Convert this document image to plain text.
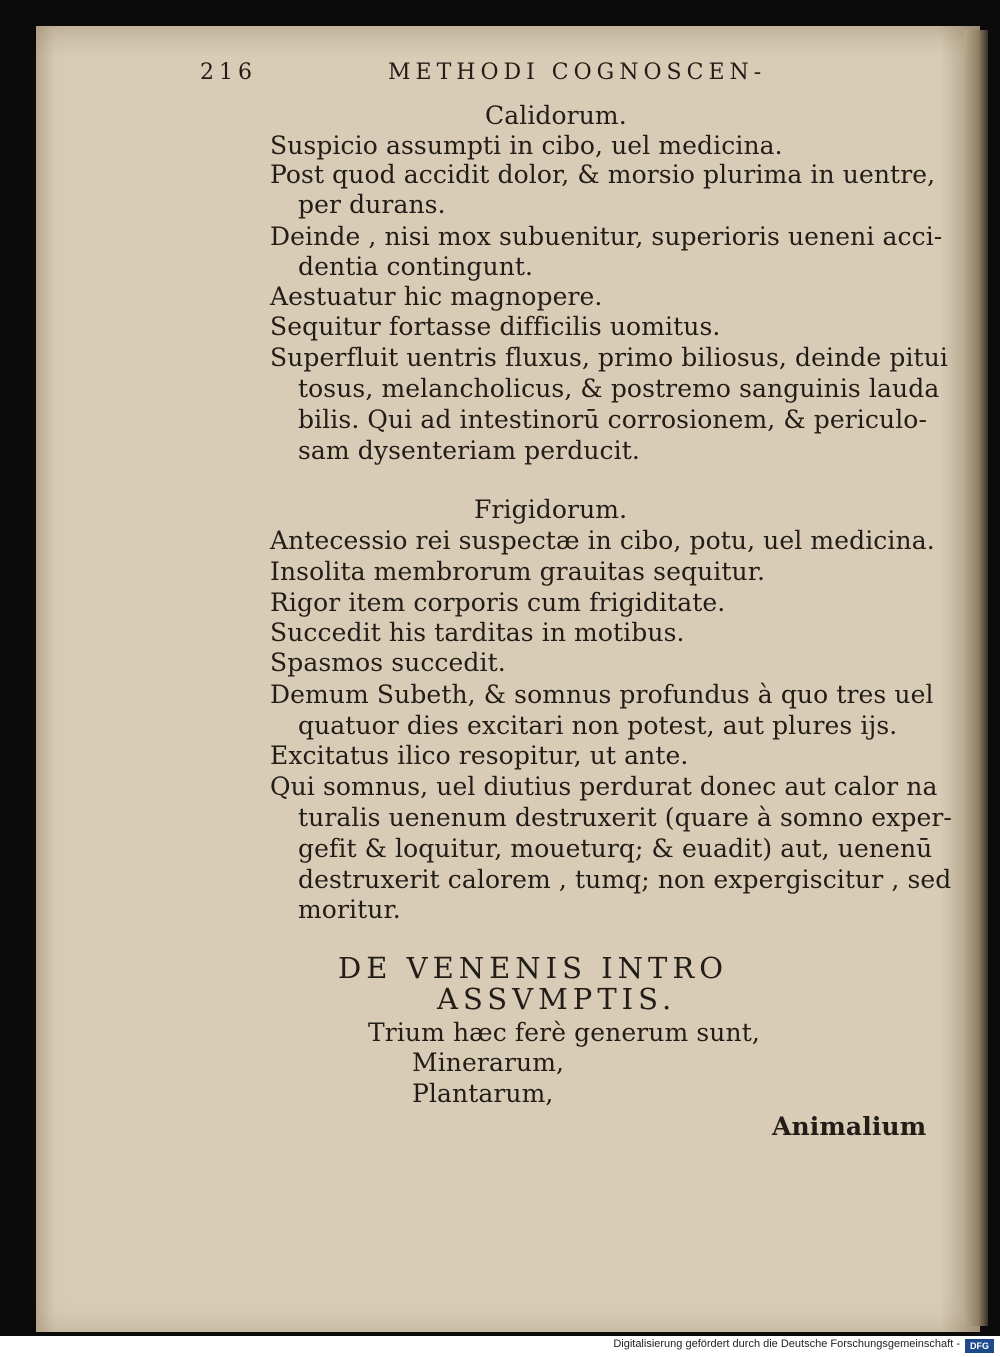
216	METHODI COGNOSCEN-
Calidorum.
Suspicio assumpti in cibo, uel medicina.
Post quod accidit dolor, & morsio plurima in uentre,
per durans.
Deinde , nisi mox subuenitur, superioris ueneni acci-
dentia contingunt.
Aestuatur hic magnopere.
Sequitur fortasse difficilis uomitus.
Superfluit uentris fluxus, primo biliosus, deinde pitui
tosus, melancholicus, & postremo sanguinis lauda
bilis. Qui ad intestinorū corrosionem, & periculo-
sam dysenteriam perducit.
Frigidorum.
Antecessio rei suspectæ in cibo, potu, uel medicina.
Insolita membrorum grauitas sequitur.
Rigor item corporis cum frigiditate.
Succedit his tarditas in motibus.
Spasmos succedit.
Demum Subeth, & somnus profundus à quo tres uel
quatuor dies excitari non potest, aut plures ijs.
Excitatus ilico resopitur, ut ante.
Qui somnus, uel diutius perdurat donec aut calor na
turalis uenenum destruxerit (quare à somno exper-
gefit & loquitur, moueturq; & euadit) aut, uenenū
destruxerit calorem , tumq; non expergiscitur , sed
moritur.
DE VENENIS INTRO
ASSVMPTIS.
Trium hæc ferè generum sunt,
Minerarum,
Plantarum,
Animalium
Digitalisierung gefördert durch die Deutsche Forschungsgemeinschaft -	DFG
